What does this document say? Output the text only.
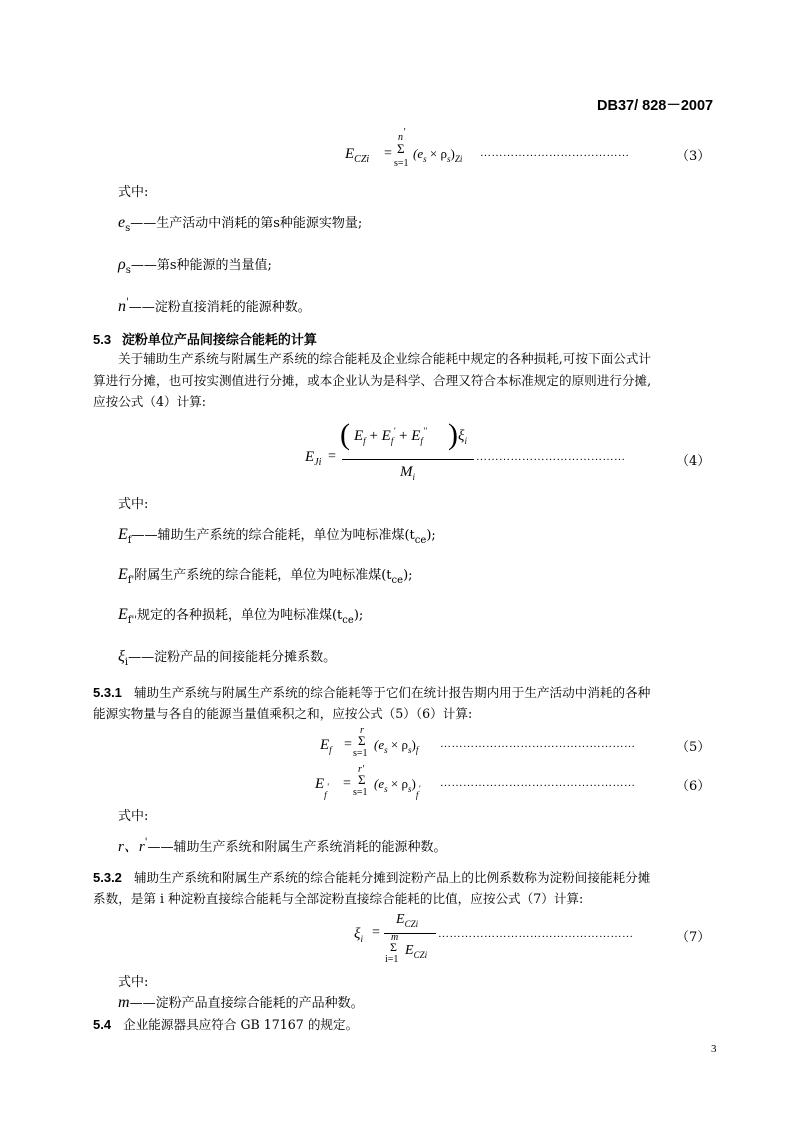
DB37/ 828－2007
$E_{CZi}$ =
n'
Σ
s=1
$(e_s \times \rho_s)_{Zi}$ …………………………………	（3）
式中:
$e_s——$生产活动中消耗的第s种能源实物量;
$\rho_s——$第s种能源的当量值;
n'——淀粉直接消耗的能源种数。
5.3 淀粉单位产品间接综合能耗的计算
关于辅助生产系统与附属生产系统的综合能耗及企业综合能耗中规定的各种损耗,可按下面公式计
算进行分摊，也可按实测值进行分摊，或本企业认为是科学、合理又符合本标准规定的原则进行分摊,
应按公式（4）计算:
$E_{Ji}$ =
( $E_f + E_f' + E_f''$ ) $\xi_i$
$M_i$
…………………………………	（4）
式中:
$E_f——$辅助生产系统的综合能耗，单位为吨标准煤$(t_{ce})$;
$E_{f'}$附属生产系统的综合能耗，单位为吨标准煤$(t_{ce})$;
$E_{f''}$规定的各种损耗，单位为吨标准煤$(t_{ce})$;
$\xi_i——$淀粉产品的间接能耗分摊系数。
5.3.1 辅助生产系统与附属生产系统的综合能耗等于它们在统计报告期内用于生产活动中消耗的各种
能源实物量与各自的能源当量值乘积之和，应按公式（5）（6）计算:
$E_f$ =
r
Σ
s=1
$(e_s \times \rho_s)_f$ ……………………………………………	（5）
$E_f'$ =
r'
Σ
s=1
$(e_s \times \rho_s)_{f'}$ ……………………………………………	（6）
式中:
r、r'——辅助生产系统和附属生产系统消耗的能源种数。
5.3.2 辅助生产系统和附属生产系统的综合能耗分摊到淀粉产品上的比例系数称为淀粉间接能耗分摊
系数，是第 i 种淀粉直接综合能耗与全部淀粉直接综合能耗的比值，应按公式（7）计算:
$\xi_i$ =
$E_{CZi}$
m
Σ
i=1
$E_{CZi}$
……………………………………………	（7）
式中:
m——淀粉产品直接综合能耗的产品种数。
5.4 企业能源器具应符合 GB 17167 的规定。
3
